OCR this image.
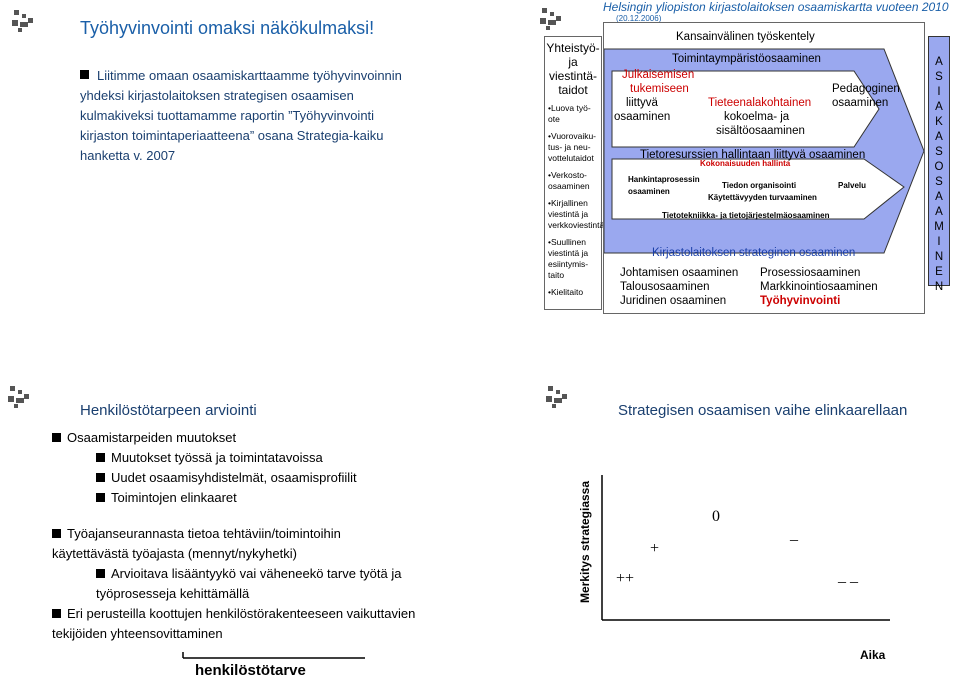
Työhyvinvointi omaksi näkökulmaksi!
Liitimme omaan osaamiskarttaamme työhyvinvoinnin yhdeksi kirjastolaitoksen strategisen osaamisen kulmakiveksi tuottamamme raportin ”Työhyvinvointi kirjaston toimintaperiaatteena” osana Strategia-kaiku hanketta v. 2007
Helsingin yliopiston kirjastolaitoksen osaamiskartta vuoteen 2010
(20.12.2006)
Yhteistyö-
ja
viestintä-
taidot
•Luova työ-ote
•Vuorovaiku-tus- ja neu-vottelutaidot
•Verkosto-osaaminen
•Kirjallinen viestintä ja verkkoviestintä
•Suullinen viestintä ja esiintymis-taito
•Kielitaito
Kansainvälinen työskentely
Toimintaympäristöosaaminen
Julkaisemisen
tukemiseen
liittyvä
osaaminen
Tieteenalakohtainen
kokoelma- ja
sisältöosaaminen
Pedagoginen
osaaminen
Tietoresurssien hallintaan liittyvä osaaminen
Kokonaisuuden hallinta
Hankintaprosessin
osaaminen
Tiedon organisointi	Palvelu
Käytettävyyden turvaaminen
Tietotekniikka- ja tietojärjestelmäosaaminen
Kirjastolaitoksen strateginen osaaminen
Johtamisen osaaminen
Talousosaaminen
Juridinen osaaminen
Prosessiosaaminen
Markkinointiosaaminen
Työhyvinvointi
A
S
I
A
K
A
S
O
S
A
A
M
I
N
E
N
Henkilöstötarpeen arviointi
Osaamistarpeiden muutokset
Muutokset työssä ja toimintatavoissa
Uudet osaamisyhdistelmät, osaamisprofiilit
Toimintojen elinkaaret
Työajanseurannasta tietoa tehtäviin/toimintoihin käytettävästä työajasta (mennyt/nykyhetki)
Arvioitava lisääntyykö vai väheneekö tarve työtä ja työprosesseja kehittämällä
Eri perusteilla koottujen henkilöstörakenteeseen vaikuttavien tekijöiden yhteensovittaminen
henkilöstötarve
Strategisen osaamisen vaihe elinkaarellaan
Merkitys strategiassa ++
+
0
_
_ _
Aika
